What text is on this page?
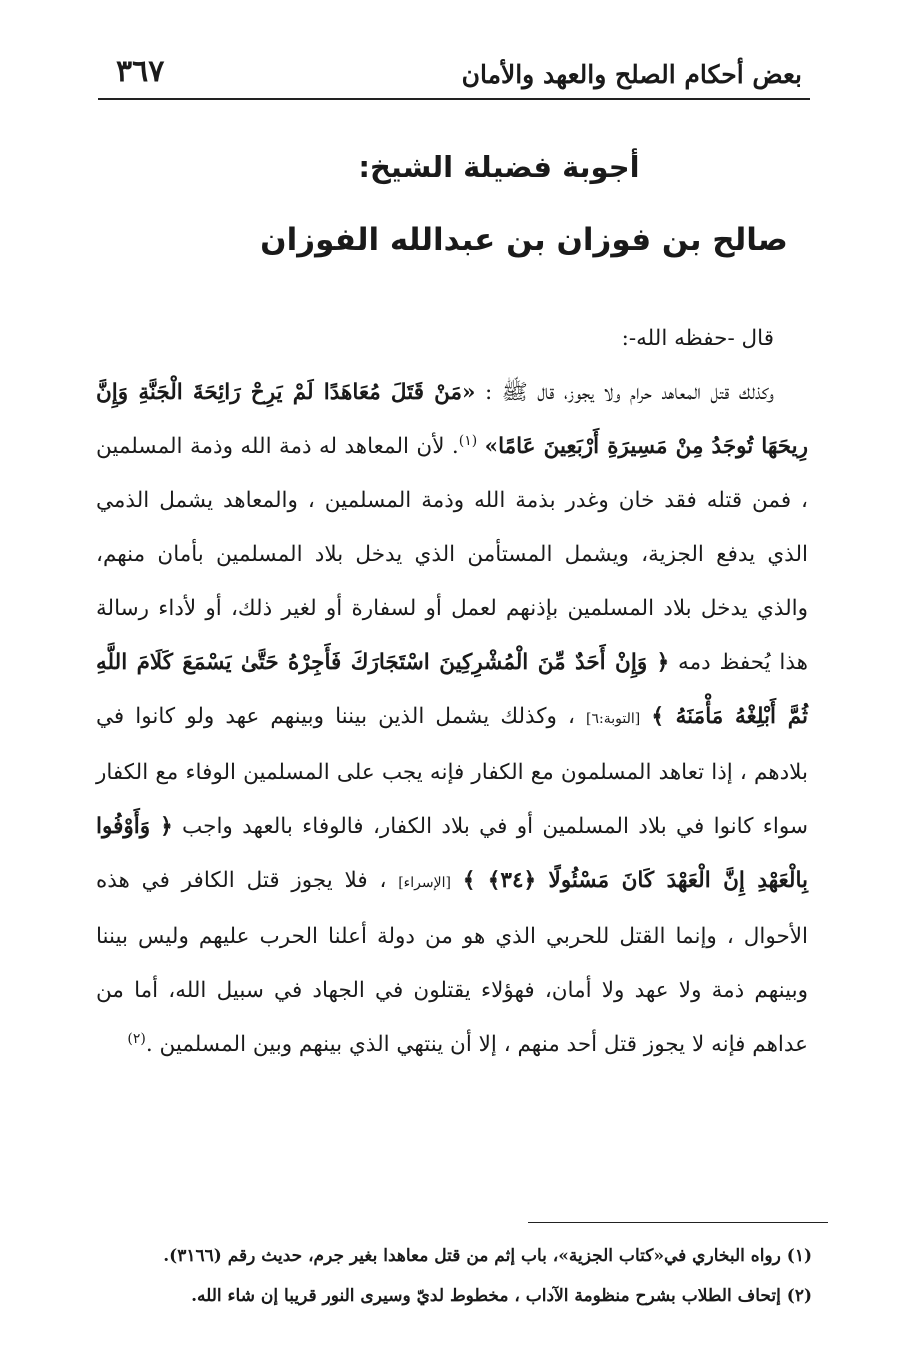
٣٦٧	بعض أحكام الصلح والعهد والأمان
أجوبة فضيلة الشيخ:
صالح بن فوزان بن عبدالله الفوزان

قال -حفظه الله-:

وكذلك قتل المعاهد حرام ولا يجوز، قال ﷺ : «مَنْ قَتَلَ مُعَاهَدًا لَمْ يَرِحْ رَائِحَةَ الْجَنَّةِ وَإِنَّ رِيحَهَا تُوجَدُ مِنْ مَسِيرَةِ أَرْبَعِينَ عَامًا» $^{(١)}$. لأن المعاهد له ذمة الله وذمة المسلمين ، فمن قتله فقد خان وغدر بذمة الله وذمة المسلمين ، والمعاهد يشمل الذمي الذي يدفع الجزية، ويشمل المستأمن الذي يدخل بلاد المسلمين بأمان منهم، والذي يدخل بلاد المسلمين بإذنهم لعمل أو لسفارة أو لغير ذلك، أو لأداء رسالة هذا يُحفظ دمه ﴿ وَإِنْ أَحَدٌ مِّنَ الْمُشْرِكِينَ اسْتَجَارَكَ فَأَجِرْهُ حَتَّىٰ يَسْمَعَ كَلَامَ اللَّهِ ثُمَّ أَبْلِغْهُ مَأْمَنَهُ ﴾ [التوبة:٦] ، وكذلك يشمل الذين بيننا وبينهم عهد ولو كانوا في بلادهم ، إذا تعاهد المسلمون مع الكفار فإنه يجب على المسلمين الوفاء مع الكفار سواء كانوا في بلاد المسلمين أو في بلاد الكفار، فالوفاء بالعهد واجب ﴿ وَأَوْفُوا بِالْعَهْدِ إِنَّ الْعَهْدَ كَانَ مَسْئُولًا ﴿٣٤﴾ ﴾ [الإسراء] ، فلا يجوز قتل الكافر في هذه الأحوال ، وإنما القتل للحربي الذي هو من دولة أعلنا الحرب عليهم وليس بيننا وبينهم ذمة ولا عهد ولا أمان، فهؤلاء يقتلون في الجهاد في سبيل الله، أما من عداهم فإنه لا يجوز قتل أحد منهم ، إلا أن ينتهي الذي بينهم وبين المسلمين .$^{(٢)}$

(١) رواه البخاري في«كتاب الجزية»، باب إثم من قتل معاهدا بغير جرم، حديث رقم (٣١٦٦).
(٢) إتحاف الطلاب بشرح منظومة الآداب ، مخطوط لديّ وسيرى النور قريبا إن شاء الله.
